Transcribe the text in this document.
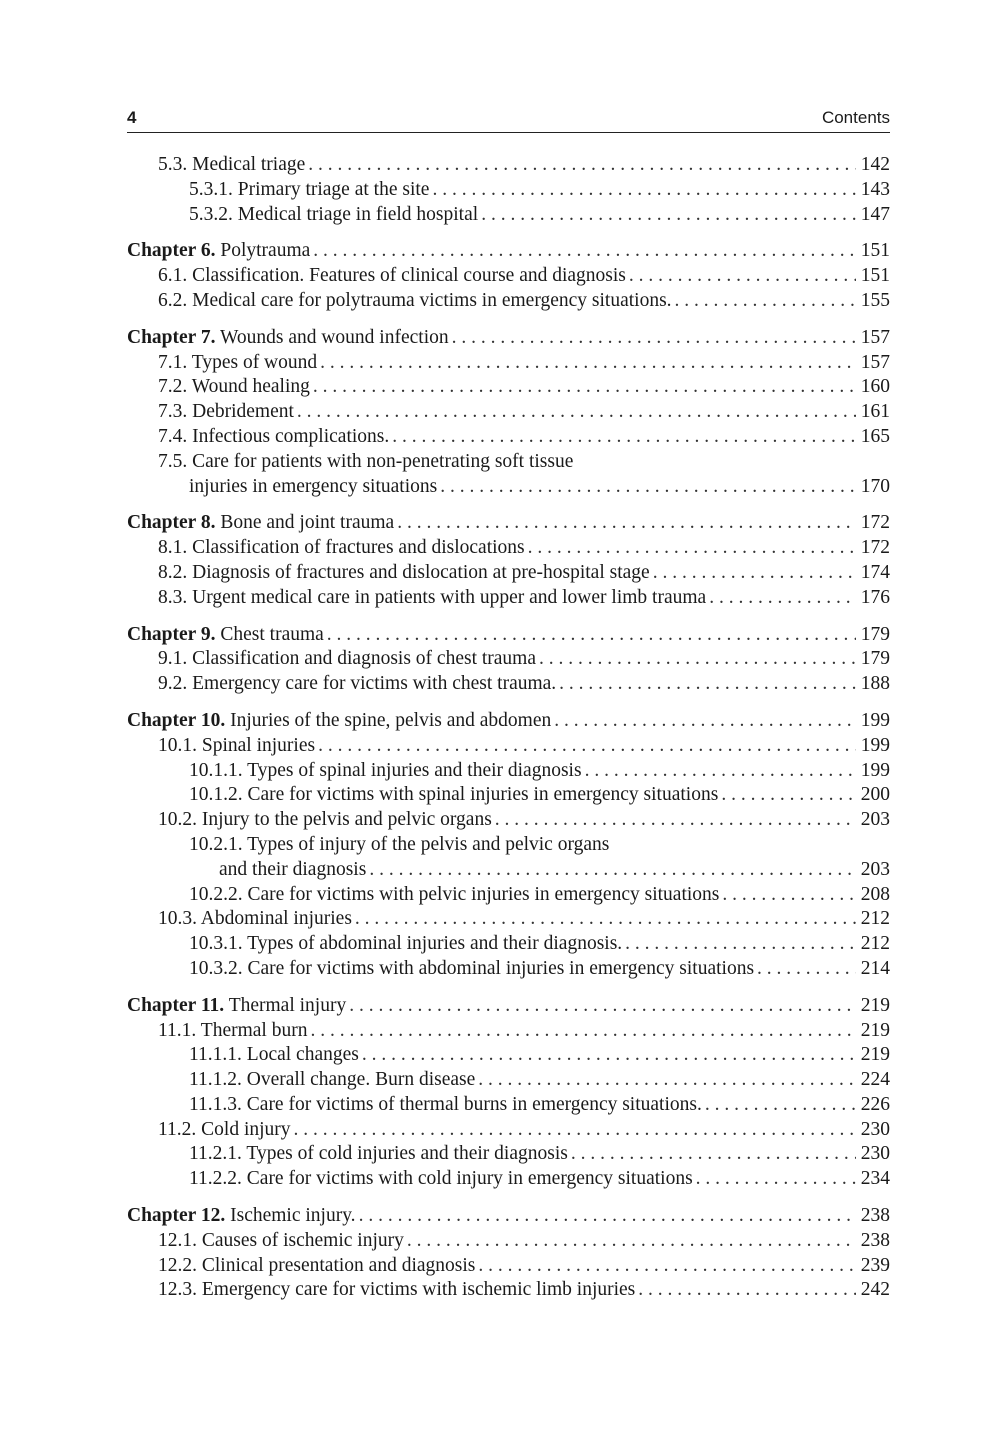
4	Contents
5.3. Medical triage . . .	142
5.3.1. Primary triage at the site . . .	143
5.3.2. Medical triage in field hospital . . .	147
Chapter 6. Polytrauma . . .	151
6.1. Classification. Features of clinical course and diagnosis . . .	151
6.2. Medical care for polytrauma victims in emergency situations. . . .	155
Chapter 7. Wounds and wound infection . . .	157
7.1. Types of wound . . .	157
7.2. Wound healing . . .	160
7.3. Debridement . . .	161
7.4. Infectious complications. . . .	165
7.5. Care for patients with non-penetrating soft tissue
injuries in emergency situations . . .	170
Chapter 8. Bone and joint trauma . . .	172
8.1. Classification of fractures and dislocations . . .	172
8.2. Diagnosis of fractures and dislocation at pre-hospital stage . . .	174
8.3. Urgent medical care in patients with upper and lower limb trauma . . .	176
Chapter 9. Chest trauma . . .	179
9.1. Classification and diagnosis of chest trauma . . .	179
9.2. Emergency care for victims with chest trauma. . . .	188
Chapter 10. Injuries of the spine, pelvis and abdomen . . .	199
10.1. Spinal injuries . . .	199
10.1.1. Types of spinal injuries and their diagnosis . . .	199
10.1.2. Care for victims with spinal injuries in emergency situations . . .	200
10.2. Injury to the pelvis and pelvic organs . . .	203
10.2.1. Types of injury of the pelvis and pelvic organs
and their diagnosis . . .	203
10.2.2. Care for victims with pelvic injuries in emergency situations . . .	208
10.3. Abdominal injuries . . .	212
10.3.1. Types of abdominal injuries and their diagnosis. . . .	212
10.3.2. Care for victims with abdominal injuries in emergency situations . . .	214
Chapter 11. Thermal injury . . .	219
11.1. Thermal burn . . .	219
11.1.1. Local changes . . .	219
11.1.2. Overall change. Burn disease . . .	224
11.1.3. Care for victims of thermal burns in emergency situations. . . .	226
11.2. Cold injury . . .	230
11.2.1. Types of cold injuries and their diagnosis . . .	230
11.2.2. Care for victims with cold injury in emergency situations . . .	234
Chapter 12. Ischemic injury. . . .	238
12.1. Causes of ischemic injury . . .	238
12.2. Clinical presentation and diagnosis . . .	239
12.3. Emergency care for victims with ischemic limb injuries . . .	242
